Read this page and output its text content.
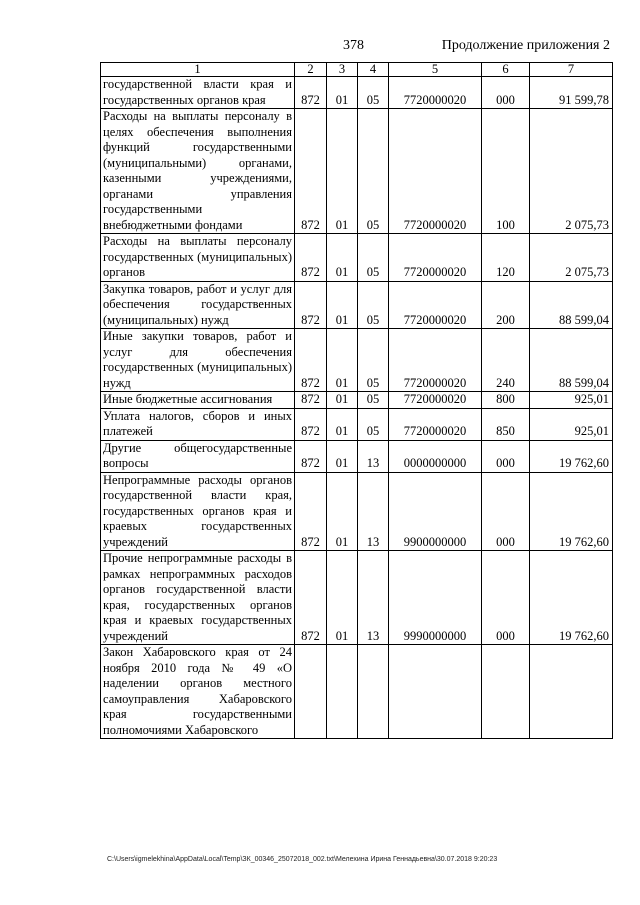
378	Продолжение приложения 2
1	2	3	4	5	6	7
государственной власти края и государственных органов края	872	01	05	7720000020	000	91 599,78
Расходы на выплаты персоналу в целях обеспечения выполнения функций государственными (муниципальными) органами, казенными учреждениями, органами управления государственными внебюджетными фондами	872	01	05	7720000020	100	2 075,73
Расходы на выплаты персоналу государственных (муниципальных) органов	872	01	05	7720000020	120	2 075,73
Закупка товаров, работ и услуг для обеспечения государственных (муниципальных) нужд	872	01	05	7720000020	200	88 599,04
Иные закупки товаров, работ и услуг для обеспечения государственных (муниципальных) нужд	872	01	05	7720000020	240	88 599,04
Иные бюджетные ассигнования	872	01	05	7720000020	800	925,01
Уплата налогов, сборов и иных платежей	872	01	05	7720000020	850	925,01
Другие общегосударственные вопросы	872	01	13	0000000000	000	19 762,60
Непрограммные расходы органов государственной власти края, государственных органов края и краевых государственных учреждений	872	01	13	9900000000	000	19 762,60
Прочие непрограммные расходы в рамках непрограммных расходов органов государственной власти края, государственных органов края и краевых государственных учреждений	872	01	13	9990000000	000	19 762,60
Закон Хабаровского края от 24 ноября 2010 года № 49 «О наделении органов местного самоуправления Хабаровского края государственными полномочиями Хабаровского						
C:\Users\igmelekhina\AppData\Local\Temp\ЗК_00346_25072018_002.txt\Мелехина Ирина Геннадьевна\30.07.2018 9:20:23
